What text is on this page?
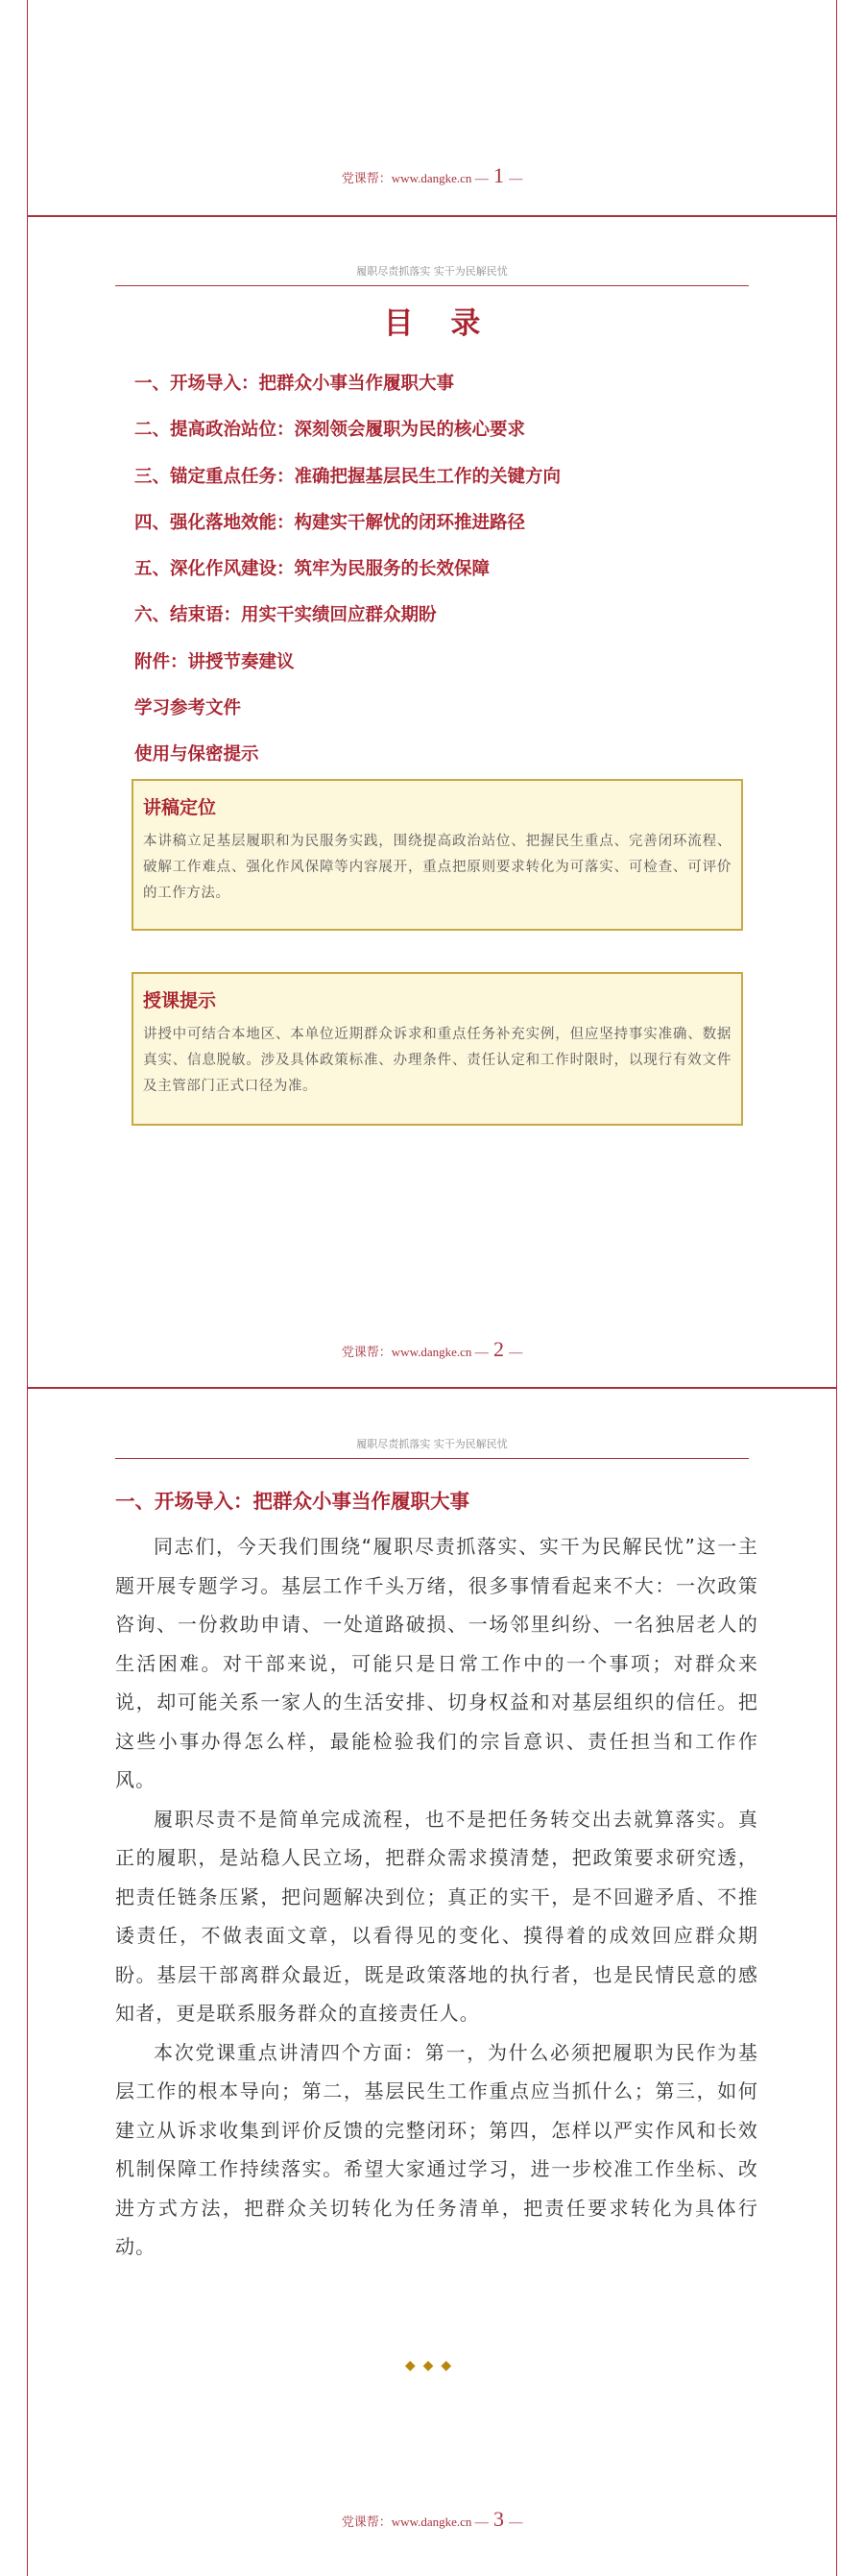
党课帮：www.dangke.cn — 1 —
履职尽责抓落实 实干为民解民忧
目 录
一、开场导入：把群众小事当作履职大事
二、提高政治站位：深刻领会履职为民的核心要求
三、锚定重点任务：准确把握基层民生工作的关键方向
四、强化落地效能：构建实干解忧的闭环推进路径
五、深化作风建设：筑牢为民服务的长效保障
六、结束语：用实干实绩回应群众期盼
附件：讲授节奏建议
学习参考文件
使用与保密提示
讲稿定位
本讲稿立足基层履职和为民服务实践，围绕提高政治站位、把握民生重点、完善闭环流程、破解工作难点、强化作风保障等内容展开，重点把原则要求转化为可落实、可检查、可评价的工作方法。
授课提示
讲授中可结合本地区、本单位近期群众诉求和重点任务补充实例，但应坚持事实准确、数据真实、信息脱敏。涉及具体政策标准、办理条件、责任认定和工作时限时，以现行有效文件及主管部门正式口径为准。
党课帮：www.dangke.cn — 2 —
履职尽责抓落实 实干为民解民忧
一、开场导入：把群众小事当作履职大事

同志们，今天我们围绕“履职尽责抓落实、实干为民解民忧”这一主题开展专题学习。基层工作千头万绪，很多事情看起来不大：一次政策咨询、一份救助申请、一处道路破损、一场邻里纠纷、一名独居老人的生活困难。对干部来说，可能只是日常工作中的一个事项；对群众来说，却可能关系一家人的生活安排、切身权益和对基层组织的信任。把这些小事办得怎么样，最能检验我们的宗旨意识、责任担当和工作作风。

履职尽责不是简单完成流程，也不是把任务转交出去就算落实。真正的履职，是站稳人民立场，把群众需求摸清楚，把政策要求研究透，把责任链条压紧，把问题解决到位；真正的实干，是不回避矛盾、不推诿责任，不做表面文章，以看得见的变化、摸得着的成效回应群众期盼。基层干部离群众最近，既是政策落地的执行者，也是民情民意的感知者，更是联系服务群众的直接责任人。

本次党课重点讲清四个方面：第一，为什么必须把履职为民作为基层工作的根本导向；第二，基层民生工作重点应当抓什么；第三，如何建立从诉求收集到评价反馈的完整闭环；第四，怎样以严实作风和长效机制保障工作持续落实。希望大家通过学习，进一步校准工作坐标、改进方式方法，把群众关切转化为任务清单，把责任要求转化为具体行动。

◆◆◆
党课帮：www.dangke.cn — 3 —
